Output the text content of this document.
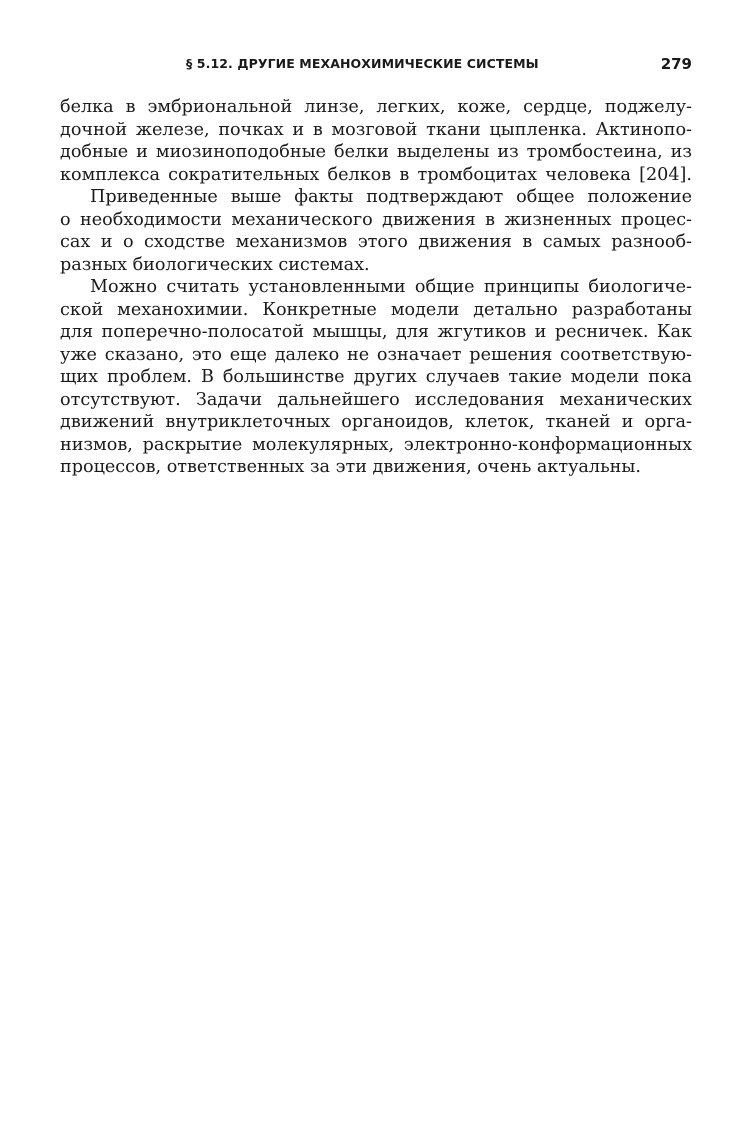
§ 5.12. ДРУГИЕ МЕХАНОХИМИЧЕСКИЕ СИСТЕМЫ	279
белка в эмбриональной линзе, легких, коже, сердце, поджелу-
дочной железе, почках и в мозговой ткани цыпленка. Актинопо-
добные и миозиноподобные белки выделены из тромбостеина, из
комплекса сократительных белков в тромбоцитах человека [204].
Приведенные выше факты подтверждают общее положение
о необходимости механического движения в жизненных процес-
сах и о сходстве механизмов этого движения в самых разнооб-
разных биологических системах.
Можно считать установленными общие принципы биологиче-
ской механохимии. Конкретные модели детально разработаны
для поперечно-полосатой мышцы, для жгутиков и ресничек. Как
уже сказано, это еще далеко не означает решения соответствую-
щих проблем. В большинстве других случаев такие модели пока
отсутствуют. Задачи дальнейшего исследования механических
движений внутриклеточных органоидов, клеток, тканей и орга-
низмов, раскрытие молекулярных, электронно-конформационных
процессов, ответственных за эти движения, очень актуальны.
